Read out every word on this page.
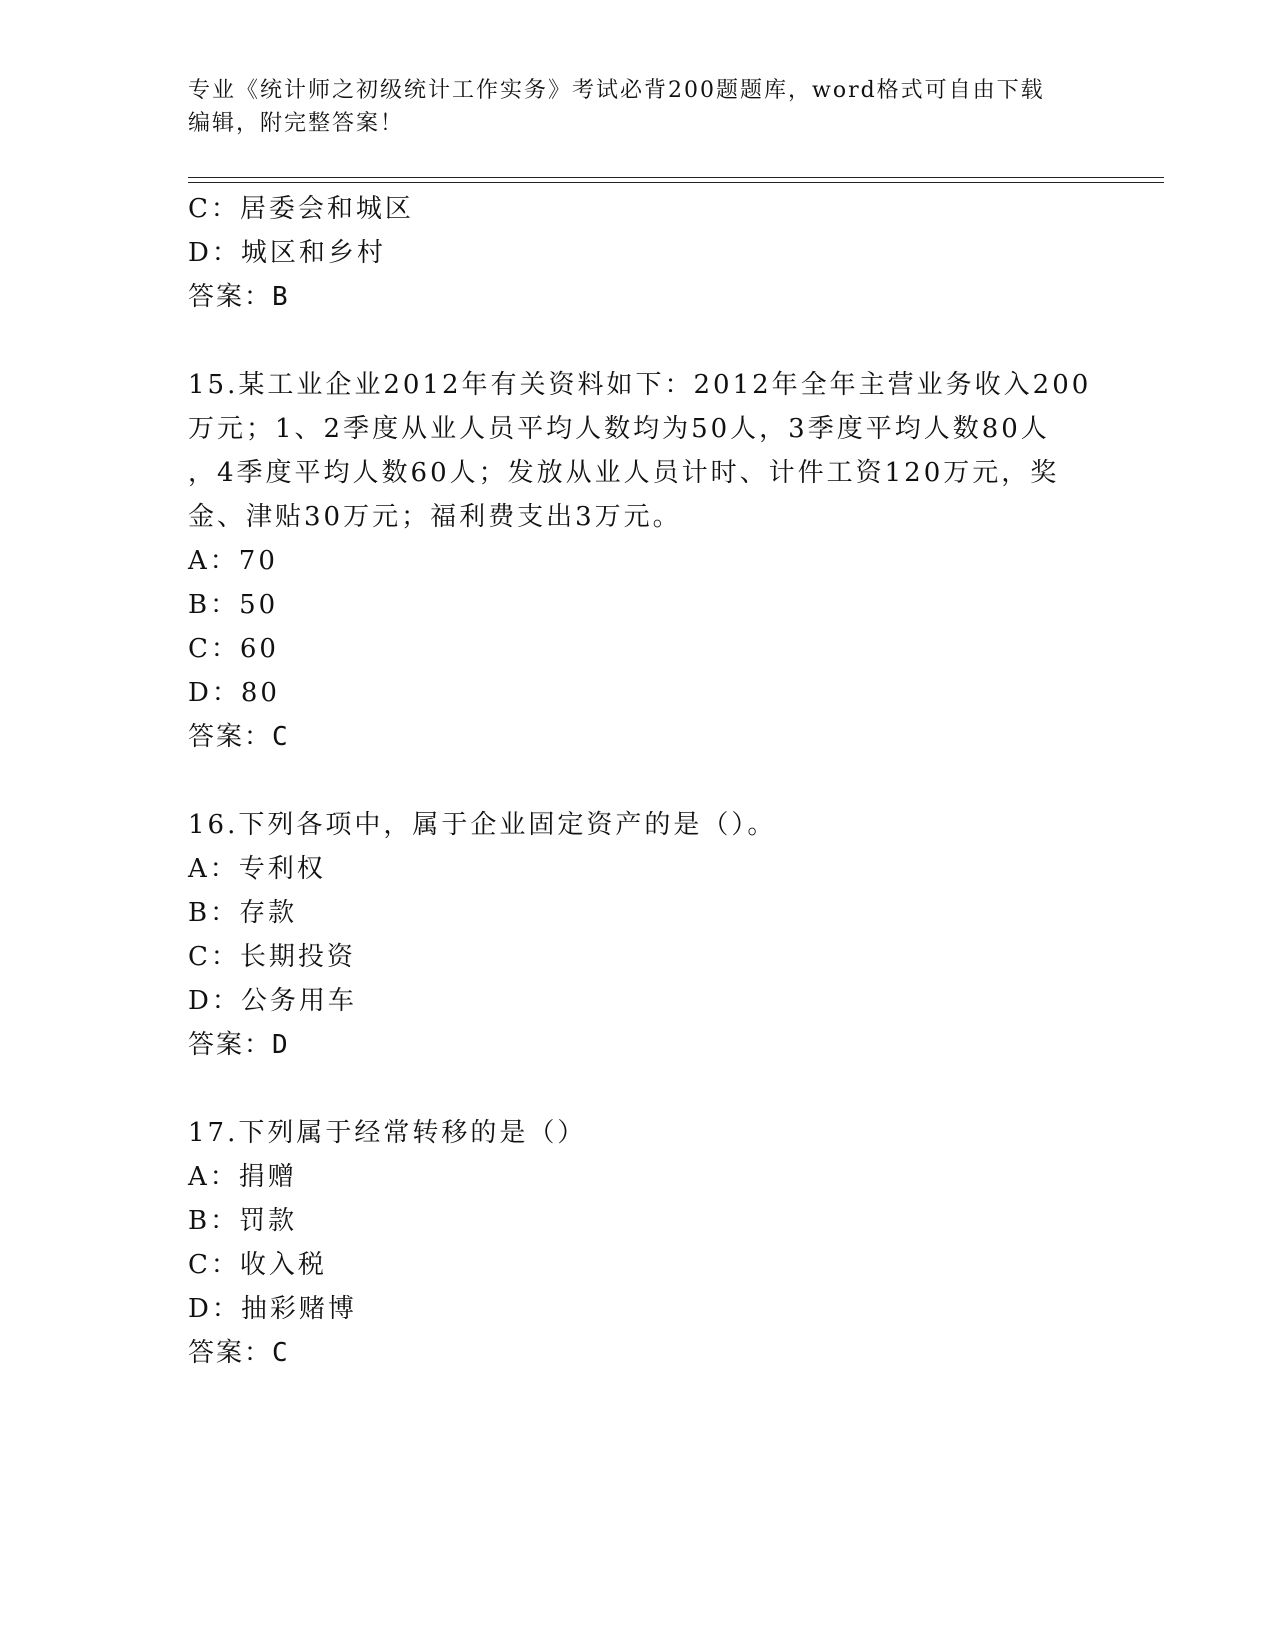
专业《统计师之初级统计工作实务》考试必背200题题库，word格式可自由下载
编辑，附完整答案！
C：居委会和城区
D：城区和乡村
答案：B
15.某工业企业2012年有关资料如下：2012年全年主营业务收入200
万元；1、2季度从业人员平均人数均为50人，3季度平均人数80人
，4季度平均人数60人；发放从业人员计时、计件工资120万元，奖
金、津贴30万元；福利费支出3万元。
A：70
B：50
C：60
D：80
答案：C
16.下列各项中，属于企业固定资产的是（）。
A：专利权
B：存款
C：长期投资
D：公务用车
答案：D
17.下列属于经常转移的是（）
A：捐赠
B：罚款
C：收入税
D：抽彩赌博
答案：C
